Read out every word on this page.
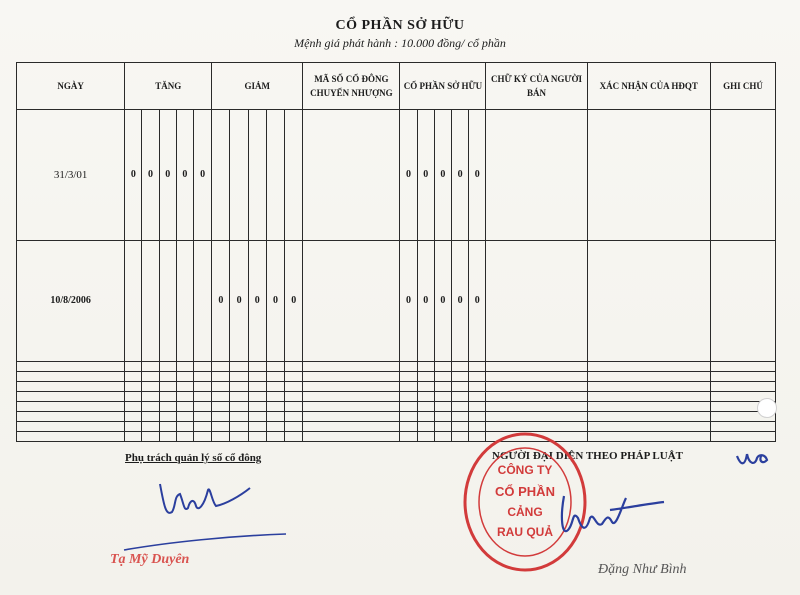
CỔ PHẦN SỞ HỮU
Mệnh giá phát hành : 10.000 đồng/ cổ phần
NGÀY	TĂNG					GIẢM					MÃ SỐ CỔ ĐÔNG CHUYỂN NHƯỢNG	CỔ PHẦN SỞ HỮU					CHỮ KÝ CỦA NGƯỜI BÁN	XÁC NHẬN CỦA HĐQT	GHI CHÚ
31/3/01	0	0	0	0	0							0	0	0	0	0			
10/8/2006						0	0	0	0	0		0	0	0	0	0			

Phụ trách quản lý số cổ đông	NGƯỜI ĐẠI DIỆN THEO PHÁP LUẬT
Tạ Mỹ Duyên
CÔNG TY
CỔ PHẦN
CẢNG
RAU QUẢ
Đặng Như Bình
